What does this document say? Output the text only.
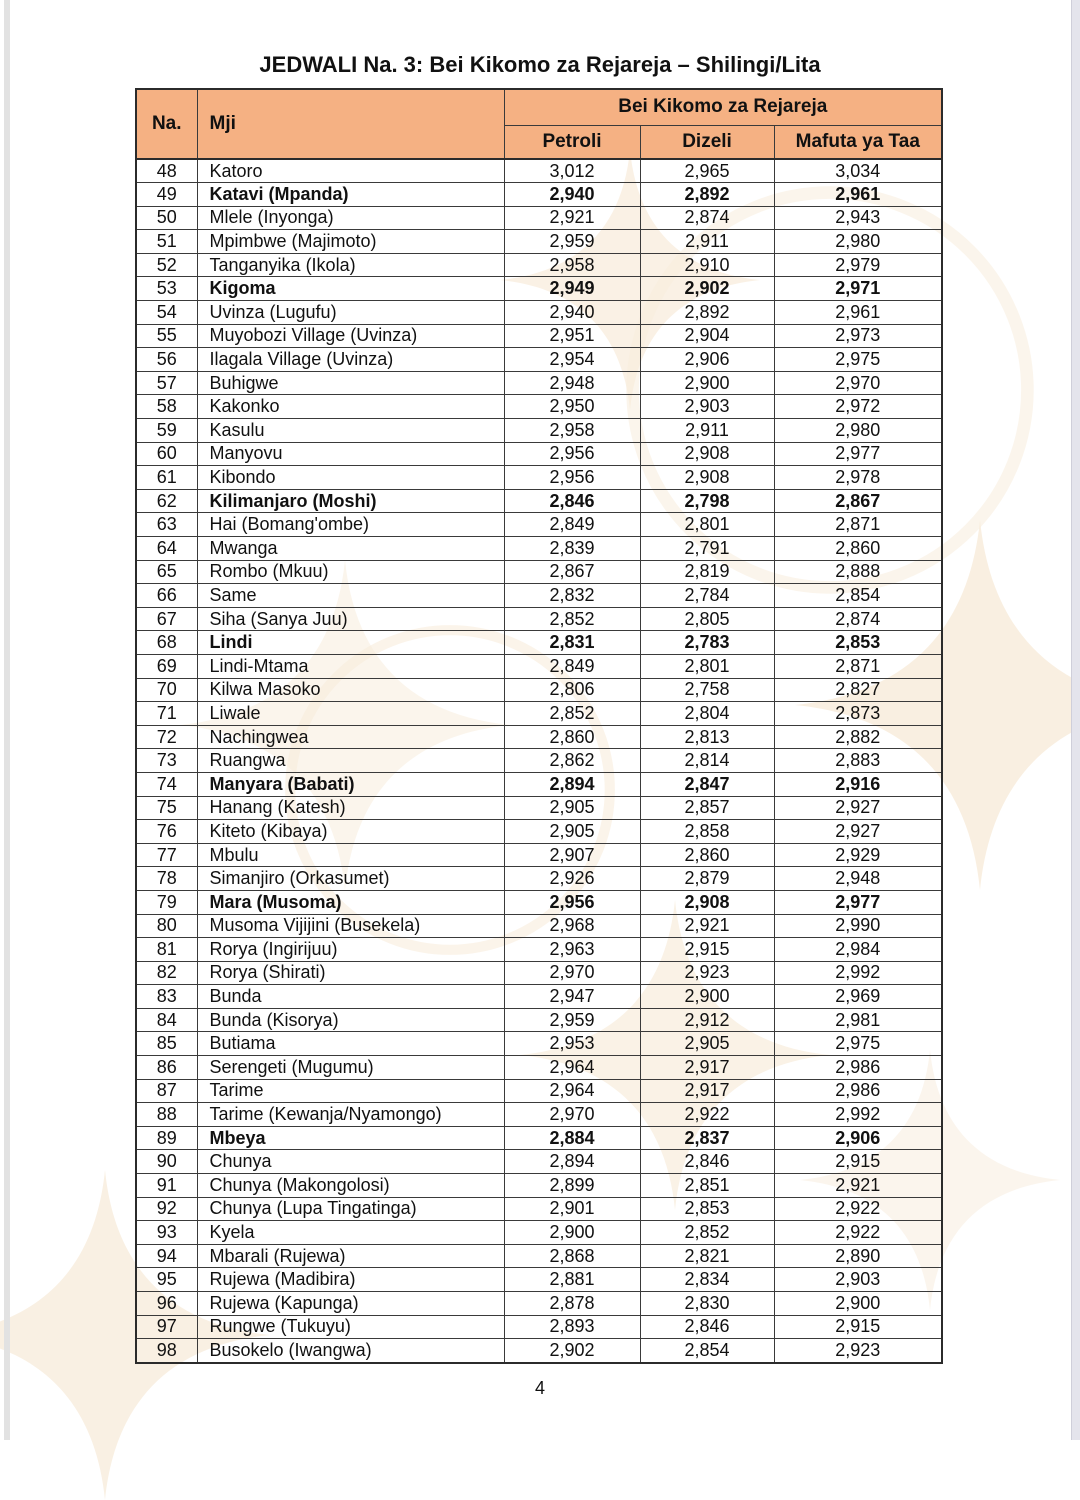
JEDWALI Na. 3: Bei Kikomo za Rejareja – Shilingi/Lita
Na.	Mji	Bei Kikomo za Rejareja		
		Petroli	Dizeli	Mafuta ya Taa
48	Katoro	3,012	2,965	3,034
49	Katavi (Mpanda)	2,940	2,892	2,961
50	Mlele (Inyonga)	2,921	2,874	2,943
51	Mpimbwe (Majimoto)	2,959	2,911	2,980
52	Tanganyika (Ikola)	2,958	2,910	2,979
53	Kigoma	2,949	2,902	2,971
54	Uvinza (Lugufu)	2,940	2,892	2,961
55	Muyobozi Village (Uvinza)	2,951	2,904	2,973
56	Ilagala Village (Uvinza)	2,954	2,906	2,975
57	Buhigwe	2,948	2,900	2,970
58	Kakonko	2,950	2,903	2,972
59	Kasulu	2,958	2,911	2,980
60	Manyovu	2,956	2,908	2,977
61	Kibondo	2,956	2,908	2,978
62	Kilimanjaro (Moshi)	2,846	2,798	2,867
63	Hai (Bomang'ombe)	2,849	2,801	2,871
64	Mwanga	2,839	2,791	2,860
65	Rombo (Mkuu)	2,867	2,819	2,888
66	Same	2,832	2,784	2,854
67	Siha (Sanya Juu)	2,852	2,805	2,874
68	Lindi	2,831	2,783	2,853
69	Lindi-Mtama	2,849	2,801	2,871
70	Kilwa Masoko	2,806	2,758	2,827
71	Liwale	2,852	2,804	2,873
72	Nachingwea	2,860	2,813	2,882
73	Ruangwa	2,862	2,814	2,883
74	Manyara (Babati)	2,894	2,847	2,916
75	Hanang (Katesh)	2,905	2,857	2,927
76	Kiteto (Kibaya)	2,905	2,858	2,927
77	Mbulu	2,907	2,860	2,929
78	Simanjiro (Orkasumet)	2,926	2,879	2,948
79	Mara (Musoma)	2,956	2,908	2,977
80	Musoma Vijijini (Busekela)	2,968	2,921	2,990
81	Rorya (Ingirijuu)	2,963	2,915	2,984
82	Rorya (Shirati)	2,970	2,923	2,992
83	Bunda	2,947	2,900	2,969
84	Bunda (Kisorya)	2,959	2,912	2,981
85	Butiama	2,953	2,905	2,975
86	Serengeti (Mugumu)	2,964	2,917	2,986
87	Tarime	2,964	2,917	2,986
88	Tarime (Kewanja/Nyamongo)	2,970	2,922	2,992
89	Mbeya	2,884	2,837	2,906
90	Chunya	2,894	2,846	2,915
91	Chunya (Makongolosi)	2,899	2,851	2,921
92	Chunya (Lupa Tingatinga)	2,901	2,853	2,922
93	Kyela	2,900	2,852	2,922
94	Mbarali (Rujewa)	2,868	2,821	2,890
95	Rujewa (Madibira)	2,881	2,834	2,903
96	Rujewa (Kapunga)	2,878	2,830	2,900
97	Rungwe (Tukuyu)	2,893	2,846	2,915
98	Busokelo (Iwangwa)	2,902	2,854	2,923
4
